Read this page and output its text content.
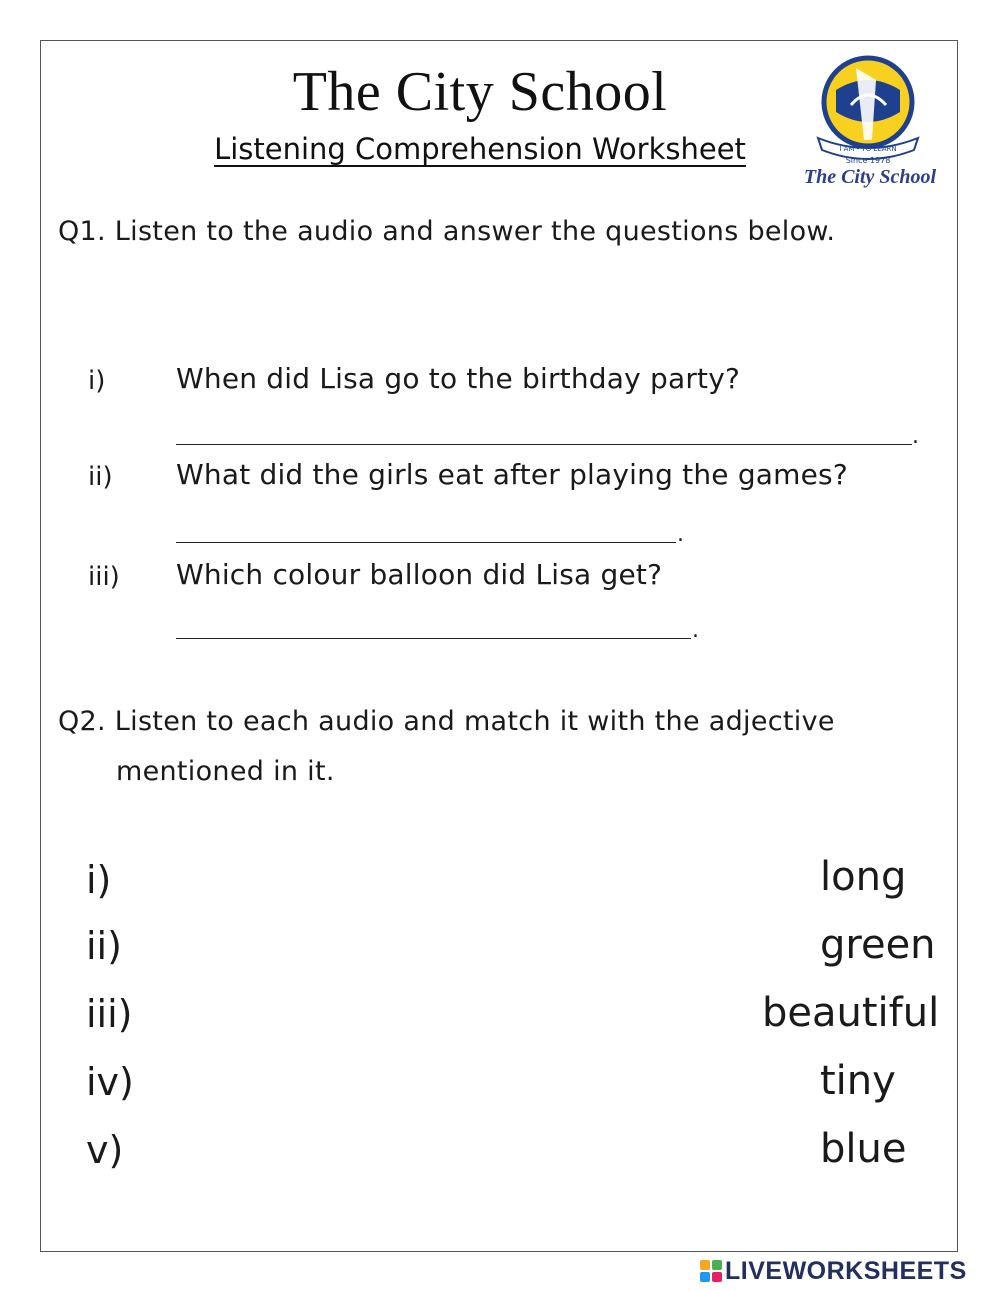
The City School
Listening Comprehension Worksheet	I AM - TO LEARN
Since 1978
The City School
Q1. Listen to the audio and answer the questions below.
i)	When did Lisa go to the birthday party?
.
ii) What did the girls eat after playing the games?
.
iii) Which colour balloon did Lisa get?
.
Q2. Listen to each audio and match it with the adjective
mentioned in it.
i)
ii)
iii)
iv)
v)
long
green
beautiful
tiny
blue
LIVEWORKSHEETS
